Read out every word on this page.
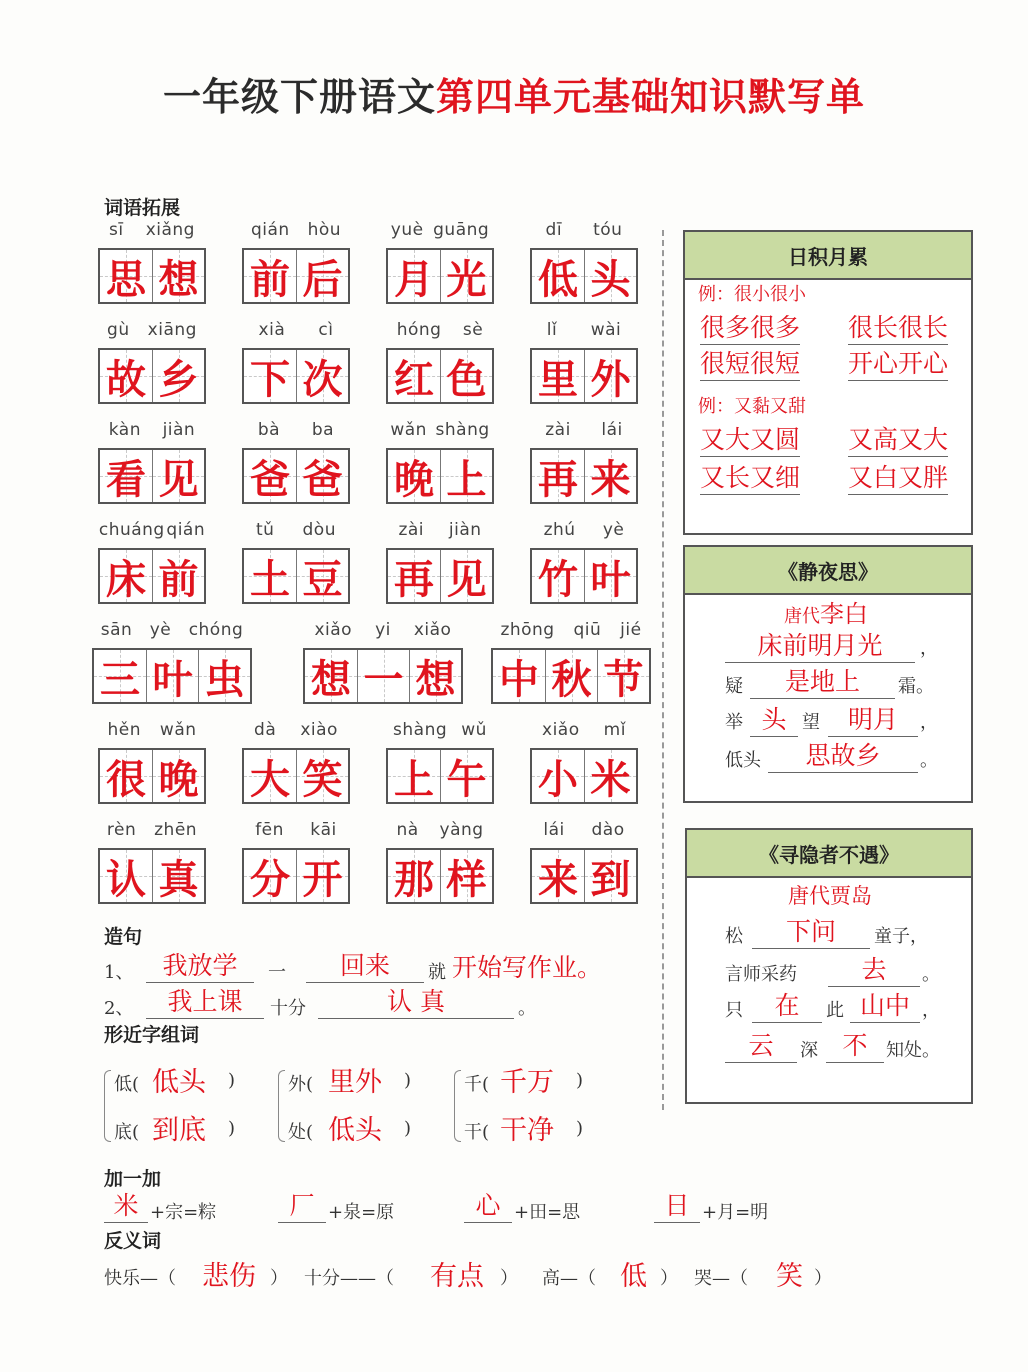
一年级下册语文第四单元基础知识默写单
词语拓展
sī xiǎng
思 想
qián hòu
前 后
yuè guāng
月 光
dī tóu
低 头
gù xiāng
故 乡
xià cì
下 次
hóng sè
红 色
lǐ wài
里 外
kàn jiàn
看 见
bà ba
爸 爸
wǎn shàng
晚 上
zài lái
再 来
chuáng qián
床 前
tǔ dòu
土 豆
zài jiàn
再 见
zhú yè
竹 叶
sān yè chóng
三 叶 虫
xiǎo yi xiǎo
想 一 想
zhōng qiū jié
中 秋 节
hěn wǎn
很 晚
dà xiào
大 笑
shàng wǔ
上 午
xiǎo mǐ
小 米
rèn zhēn
认 真
fēn kāi
分 开
nà yàng
那 样
lái dào
来 到
日积月累
例：很小很小
很多很多 很长很长
很短很短 开心开心
例：又黏又甜
又大又圆 又高又大
又长又细 又白又胖
《静夜思》
唐代李白
床前明月光	，
疑	是地上	霜。
举 头 望	明月	，
低头	思故乡	。
《寻隐者不遇》
唐代贾岛
松	下问	童子，
言师采药	去	。
只	在	此 山中 ，
云	深 不	知处。
造句
1、	我放学	一	回来	就 开始写作业。
2、	我上课	十分	认 真	。
形近字组词
低( 低头 )
底( 到底 )
外( 里外 )
处( 低头 )
千( 千万 )
干( 干净 )
加一加
米 +宗=粽	厂 +泉=原	心 +田=思	日 +月=明
反义词
快乐—（ 悲伤 ） 十分——（ 有点 ） 高—（ 低 ） 哭—（ 笑 ）
